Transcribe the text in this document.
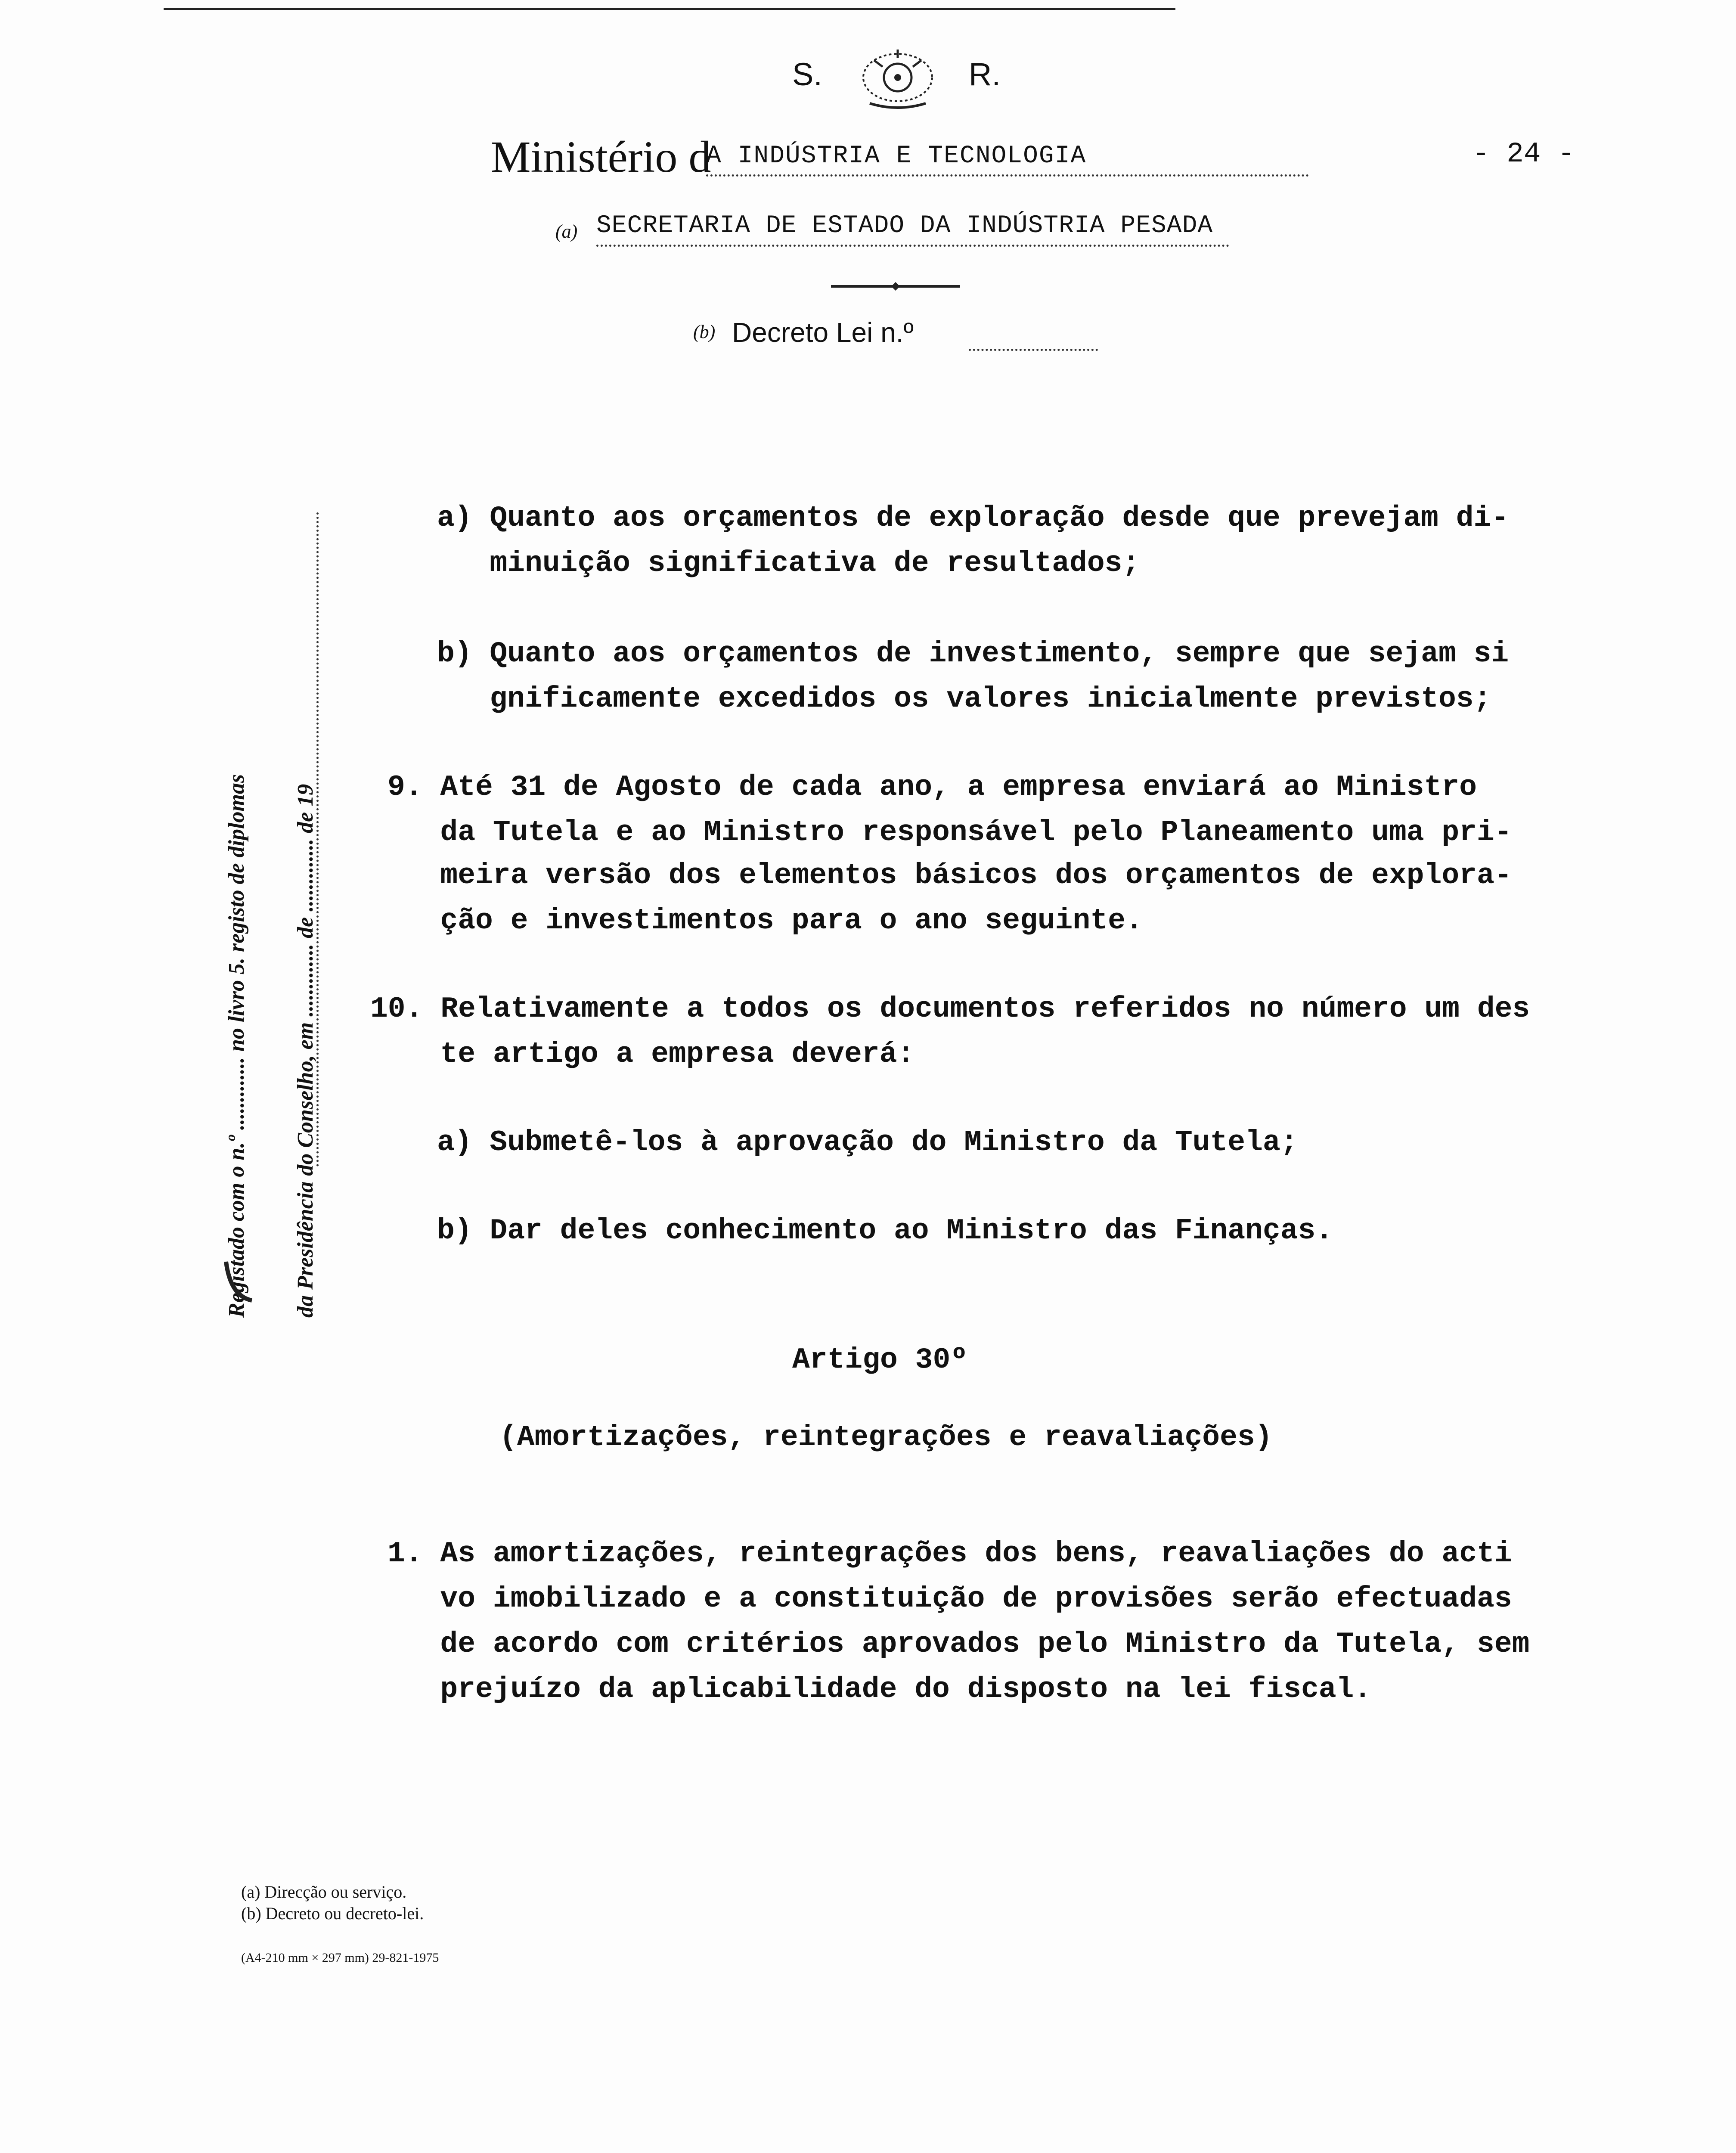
S.	R.
Ministério d
A INDÚSTRIA E TECNOLOGIA	- 24 -
(a) SECRETARIA DE ESTADO DA INDÚSTRIA PESADA
(b) Decreto Lei n.º
Registado com o n.º ............. no livro 5. registo de diplomas da Presidência do Conselho, em ............. de ............. de 19
a) Quanto aos orçamentos de exploração desde que prevejam di-
minuição significativa de resultados;
b) Quanto aos orçamentos de investimento, sempre que sejam si
gnificamente excedidos os valores inicialmente previstos;
9. Até 31 de Agosto de cada ano, a empresa enviará ao Ministro
da Tutela e ao Ministro responsável pelo Planeamento uma pri-
meira versão dos elementos básicos dos orçamentos de explora-
ção e investimentos para o ano seguinte.
10. Relativamente a todos os documentos referidos no número um des
te artigo a empresa deverá:
a) Submetê-los à aprovação do Ministro da Tutela;
b) Dar deles conhecimento ao Ministro das Finanças.
Artigo 30º
(Amortizações, reintegrações e reavaliações)
1. As amortizações, reintegrações dos bens, reavaliações do acti
vo imobilizado e a constituição de provisões serão efectuadas
de acordo com critérios aprovados pelo Ministro da Tutela, sem
prejuízo da aplicabilidade do disposto na lei fiscal.
(a) Direcção ou serviço.
(b) Decreto ou decreto-lei.
(A4-210 mm × 297 mm) 29-821-1975
